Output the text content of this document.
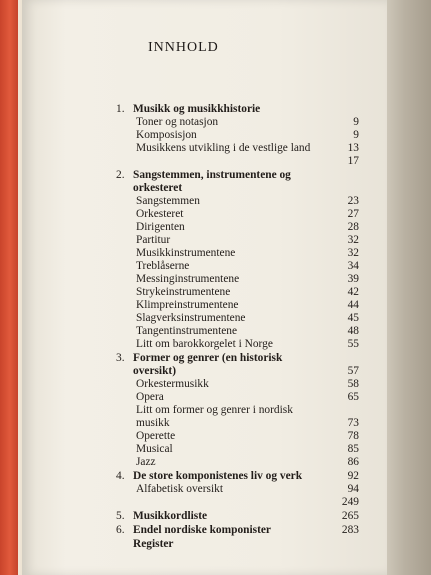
INNHOLD
1. Musikk og musikkhistorie
Toner og notasjon	9
Komposisjon	9
Musikkens utvikling i de vestlige land	13

17
2. Sangstemmen, instrumentene og orkesteret
Sangstemmen	23
Orkesteret	27
Dirigenten	28
Partitur	32
Musikkinstrumentene	32
Treblåserne	34
Messinginstrumentene	39
Strykeinstrumentene	42
Klimpreinstrumentene	44
Slagverksinstrumentene	45
Tangentinstrumentene	48
Litt om barokkorgelet i Norge	55
3. Former og genrer (en historisk oversikt)	57
Orkestermusikk	58
Opera	65
Litt om former og genrer i nordisk musikk	73
Operette	78
Musical	85
Jazz	86
4. De store komponistenes liv og verk	92
Alfabetisk oversikt	94

249
5. Musikkordliste	265
6. Endel nordiske komponister	283
Register
